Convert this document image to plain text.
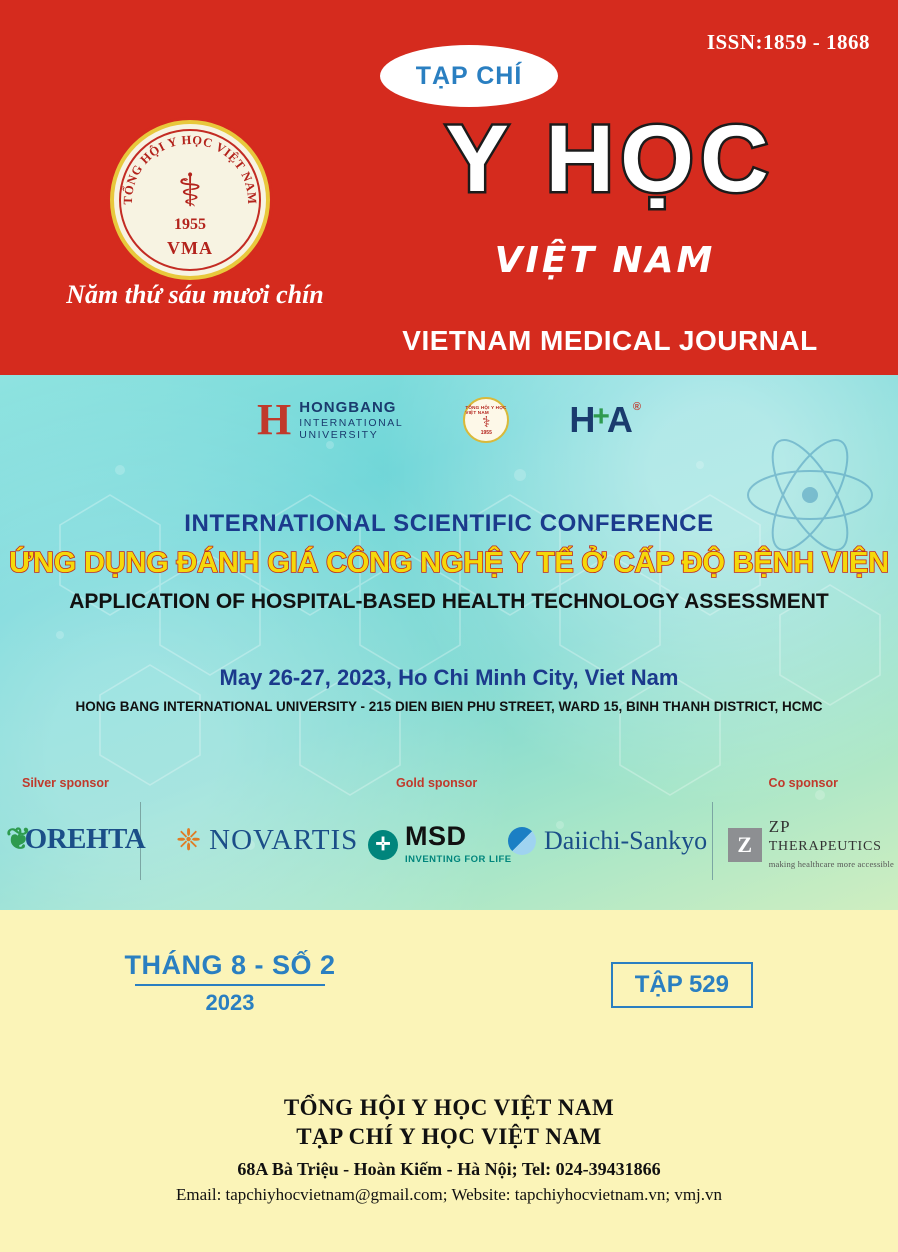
ISSN:1859 - 1868
TỔNG HỘI Y HỌC VIỆT NAM
⚕
1955
VMA
Năm thứ sáu mươi chín
TẠP CHÍ
Y HỌC
VIỆT NAM
VIETNAM MEDICAL JOURNAL
H HONGBANG
INTERNATIONAL
UNIVERSITY
TỔNG HỘI Y HỌC VIỆT NAM
⚕
1955 H
+
A ®
INTERNATIONAL SCIENTIFIC CONFERENCE
ỨNG DỤNG ĐÁNH GIÁ CÔNG NGHỆ Y TẾ Ở CẤP ĐỘ BỆNH VIỆN
APPLICATION OF HOSPITAL-BASED HEALTH TECHNOLOGY ASSESSMENT
May 26-27, 2023, Ho Chi Minh City, Viet Nam
HONG BANG INTERNATIONAL UNIVERSITY - 215 DIEN BIEN PHU STREET, WARD 15, BINH THANH DISTRICT, HCMC
Silver sponsor	Gold sponsor	Co sponsor
❦
OREHTA ❈ NOVARTIS ✛ MSD
INVENTING FOR LIFE
Daiichi-Sankyo	Z
ZP
THERAPEUTICS
making healthcare more accessible
THÁNG 8 - SỐ 2
2023
TẬP 529
TỔNG HỘI Y HỌC VIỆT NAM
TẠP CHÍ Y HỌC VIỆT NAM
68A Bà Triệu - Hoàn Kiếm - Hà Nội; Tel: 024-39431866
Email: tapchiyhocvietnam@gmail.com; Website: tapchiyhocvietnam.vn; vmj.vn
